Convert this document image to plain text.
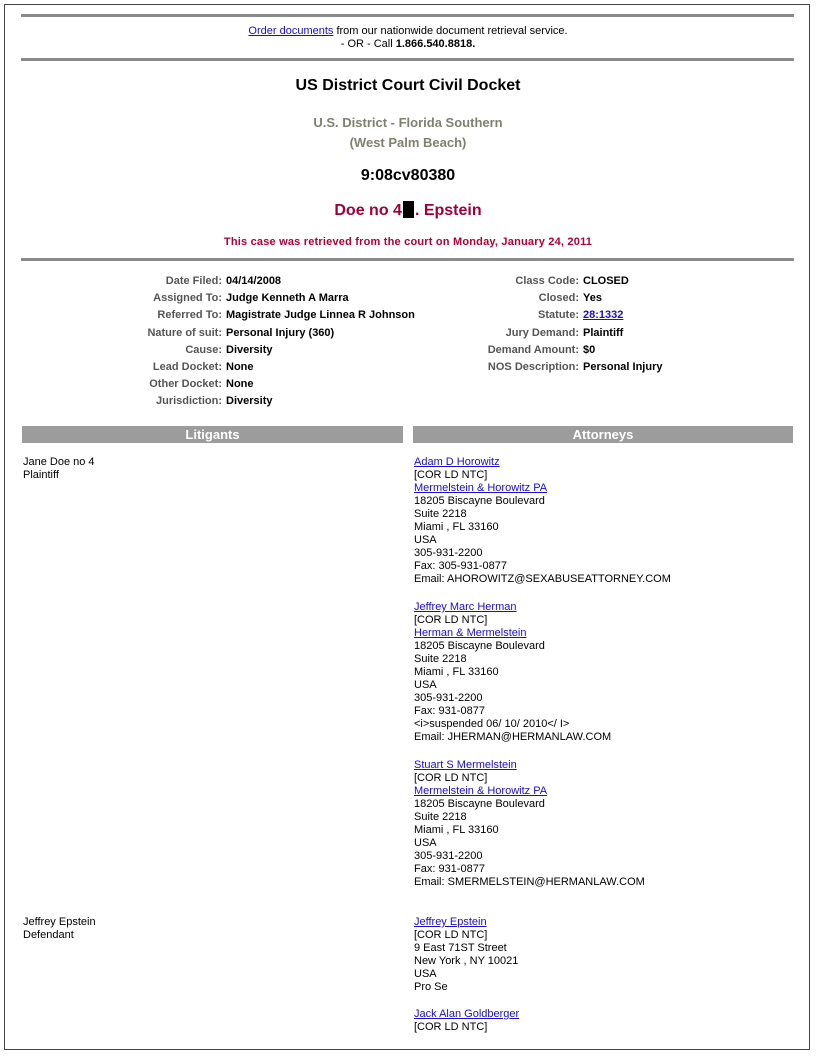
Order documents from our nationwide document retrieval service.
- OR - Call 1.866.540.8818.
US District Court Civil Docket
U.S. District - Florida Southern
(West Palm Beach)
9:08cv80380
Doe no 4 . Epstein
This case was retrieved from the court on Monday, January 24, 2011
Date Filed: 04/14/2008
Assigned To: Judge Kenneth A Marra
Referred To: Magistrate Judge Linnea R Johnson
Nature of suit: Personal Injury (360)
Cause: Diversity
Lead Docket: None
Other Docket: None
Jurisdiction: Diversity
Class Code: CLOSED
Closed: Yes
Statute: 28:1332
Jury Demand: Plaintiff
Demand Amount: $0
NOS Description: Personal Injury
Litigants	Attorneys
Jane Doe no 4
Plaintiff
Jeffrey Epstein
Defendant
Adam D Horowitz
[COR LD NTC]
Mermelstein & Horowitz PA
18205 Biscayne Boulevard
Suite 2218
Miami , FL 33160
USA
305-931-2200
Fax: 305-931-0877
Email: AHOROWITZ@SEXABUSEATTORNEY.COM
Jeffrey Marc Herman
[COR LD NTC]
Herman & Mermelstein
18205 Biscayne Boulevard
Suite 2218
Miami , FL 33160
USA
305-931-2200
Fax: 931-0877
<i>suspended 06/ 10/ 2010</ I>
Email: JHERMAN@HERMANLAW.COM
Stuart S Mermelstein
[COR LD NTC]
Mermelstein & Horowitz PA
18205 Biscayne Boulevard
Suite 2218
Miami , FL 33160
USA
305-931-2200
Fax: 931-0877
Email: SMERMELSTEIN@HERMANLAW.COM
Jeffrey Epstein
[COR LD NTC]
9 East 71ST Street
New York , NY 10021
USA
Pro Se
Jack Alan Goldberger
[COR LD NTC]
